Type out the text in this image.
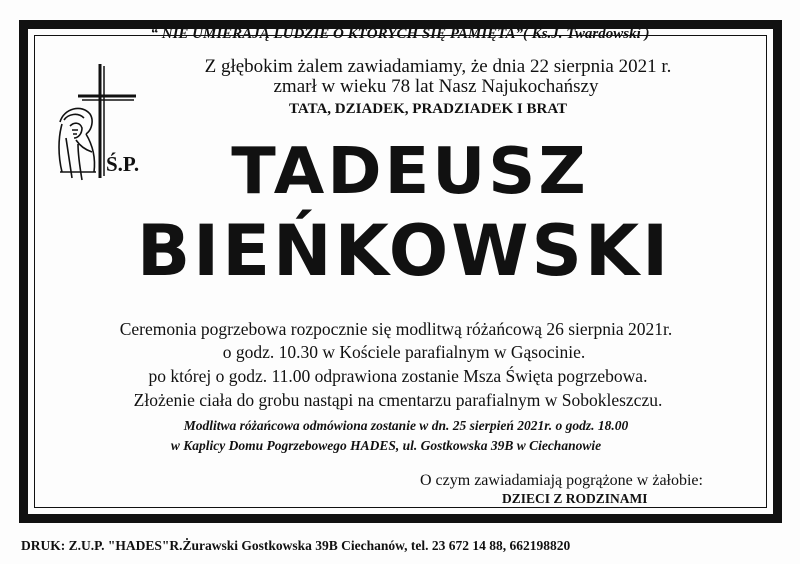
“ NIE UMIERAJĄ LUDZIE O KTÓRYCH SIĘ PAMIĘTA”( Ks.J. Twardowski )
Z głębokim żalem zawiadamiamy, że dnia 22 sierpnia 2021 r.
zmarł w wieku 78 lat Nasz Najukochańszy
TATA, DZIADEK, PRADZIADEK I BRAT
Ś.P.	TADEUSZ
BIEŃKOWSKI
Ceremonia pogrzebowa rozpocznie się modlitwą różańcową 26 sierpnia 2021r.
o godz. 10.30 w Kościele parafialnym w Gąsocinie.
po której o godz. 11.00 odprawiona zostanie Msza Święta pogrzebowa.
Złożenie ciała do grobu nastąpi na cmentarzu parafialnym w Sobokleszczu.
Modlitwa różańcowa odmówiona zostanie w dn. 25 sierpień 2021r. o godz. 18.00
w Kaplicy Domu Pogrzebowego HADES, ul. Gostkowska 39B w Ciechanowie
O czym zawiadamiają pogrążone w żałobie:
DZIECI Z RODZINAMI
DRUK: Z.U.P. "HADES"R.Żurawski Gostkowska 39B Ciechanów, tel. 23 672 14 88, 662198820
